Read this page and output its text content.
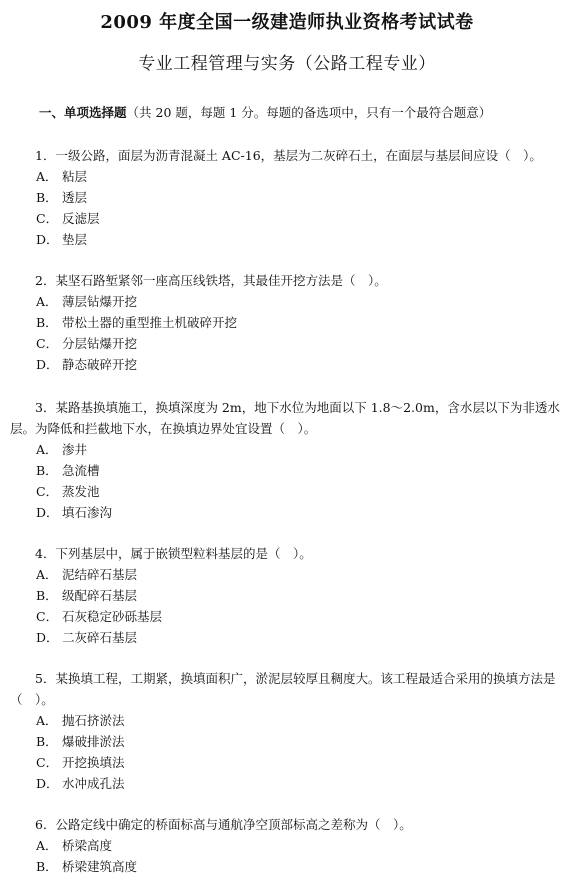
2009 年度全国一级建造师执业资格考试试卷
专业工程管理与实务（公路工程专业）
一、单项选择题（共 20 题，每题 1 分。每题的备选项中，只有一个最符合题意）
1．一级公路，面层为沥青混凝土 AC-16，基层为二灰碎石土，在面层与基层间应设（　）。
A． 粘层
B． 透层
C． 反滤层
D． 垫层
2．某坚石路堑紧邻一座高压线铁塔，其最佳开挖方法是（　）。
A． 薄层钻爆开挖
B． 带松土器的重型推土机破碎开挖
C． 分层钻爆开挖
D． 静态破碎开挖
3．某路基换填施工，换填深度为 2m，地下水位为地面以下 1.8～2.0m，含水层以下为非透水层。为降低和拦截地下水，在换填边界处宜设置（　）。
A． 渗井
B． 急流槽
C． 蒸发池
D． 填石渗沟
4．下列基层中，属于嵌锁型粒料基层的是（　）。
A． 泥结碎石基层
B． 级配碎石基层
C． 石灰稳定砂砾基层
D． 二灰碎石基层
5．某换填工程，工期紧，换填面积广，淤泥层较厚且稠度大。该工程最适合采用的换填方法是（　）。
A． 抛石挤淤法
B． 爆破排淤法
C． 开挖换填法
D． 水冲成孔法
6．公路定线中确定的桥面标高与通航净空顶部标高之差称为（　）。
A． 桥梁高度
B． 桥梁建筑高度
